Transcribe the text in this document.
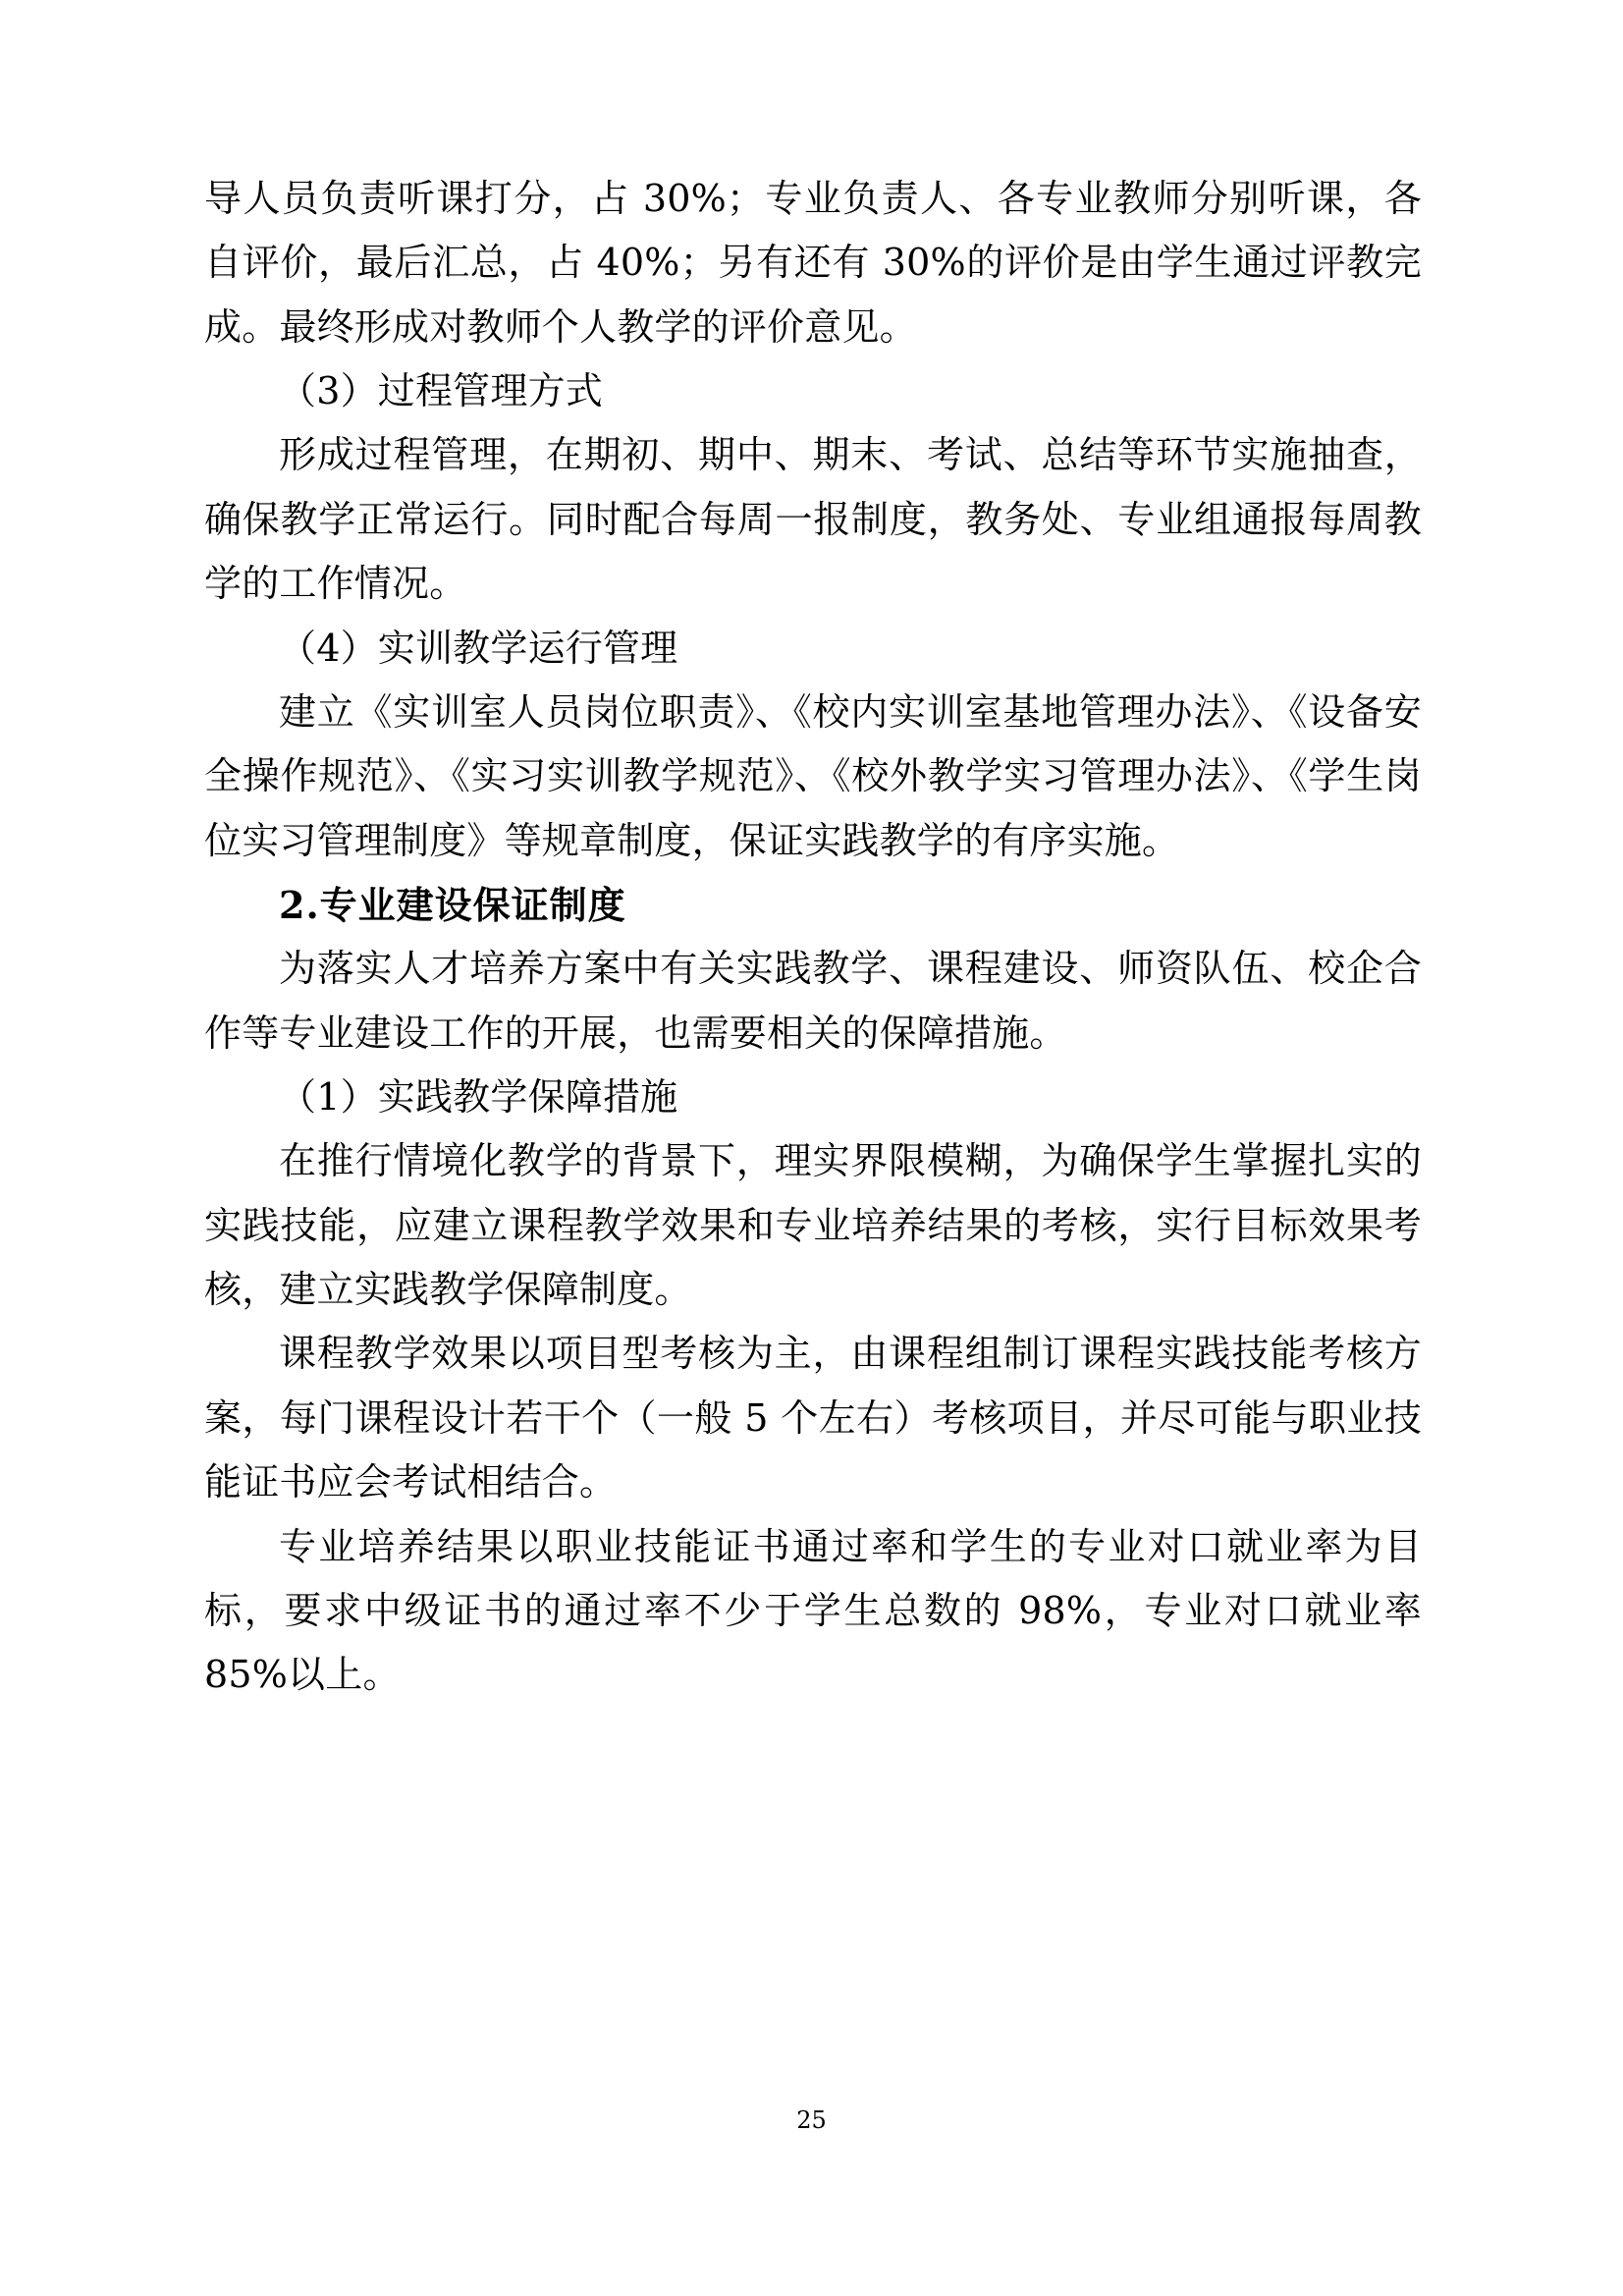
导人员负责听课打分，占 30%；专业负责人、各专业教师分别听课，各自评价，最后汇总，占 40%；另有还有 30%的评价是由学生通过评教完成。最终形成对教师个人教学的评价意见。

（3）过程管理方式

形成过程管理，在期初、期中、期末、考试、总结等环节实施抽查，确保教学正常运行。同时配合每周一报制度，教务处、专业组通报每周教学的工作情况。

（4）实训教学运行管理

建立《实训室人员岗位职责》、《校内实训室基地管理办法》、《设备安全操作规范》、《实习实训教学规范》、《校外教学实习管理办法》、《学生岗位实习管理制度》等规章制度，保证实践教学的有序实施。

2.专业建设保证制度

为落实人才培养方案中有关实践教学、课程建设、师资队伍、校企合作等专业建设工作的开展，也需要相关的保障措施。

（1）实践教学保障措施

在推行情境化教学的背景下，理实界限模糊，为确保学生掌握扎实的实践技能，应建立课程教学效果和专业培养结果的考核，实行目标效果考核，建立实践教学保障制度。

课程教学效果以项目型考核为主，由课程组制订课程实践技能考核方案，每门课程设计若干个（一般 5 个左右）考核项目，并尽可能与职业技能证书应会考试相结合。

专业培养结果以职业技能证书通过率和学生的专业对口就业率为目标，要求中级证书的通过率不少于学生总数的 98%，专业对口就业率 85%以上。

25
